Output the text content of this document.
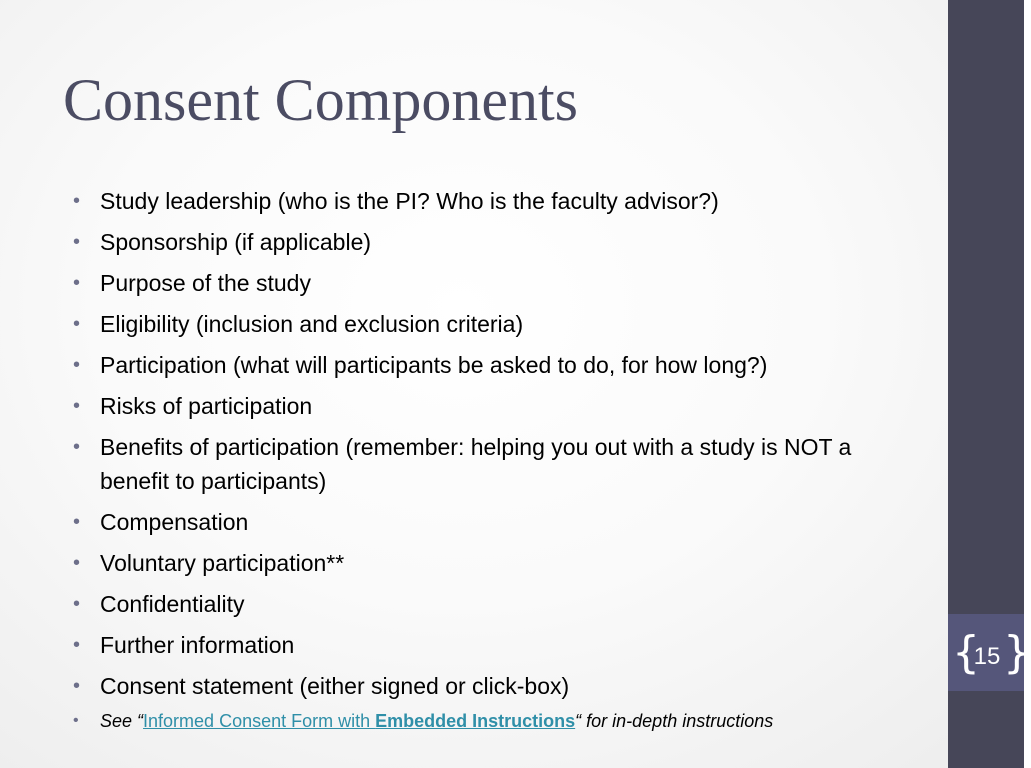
{ }
15
Consent Components
• Study leadership (who is the PI? Who is the faculty advisor?)
• Sponsorship (if applicable)
• Purpose of the study
• Eligibility (inclusion and exclusion criteria)
• Participation (what will participants be asked to do, for how long?)
• Risks of participation
• Benefits of participation (remember: helping you out with a study is NOT a benefit to participants)
• Compensation
• Voluntary participation**
• Confidentiality
• Further information
• Consent statement (either signed or click-box)
• See “Informed Consent Form with Embedded Instructions“ for in-depth instructions
